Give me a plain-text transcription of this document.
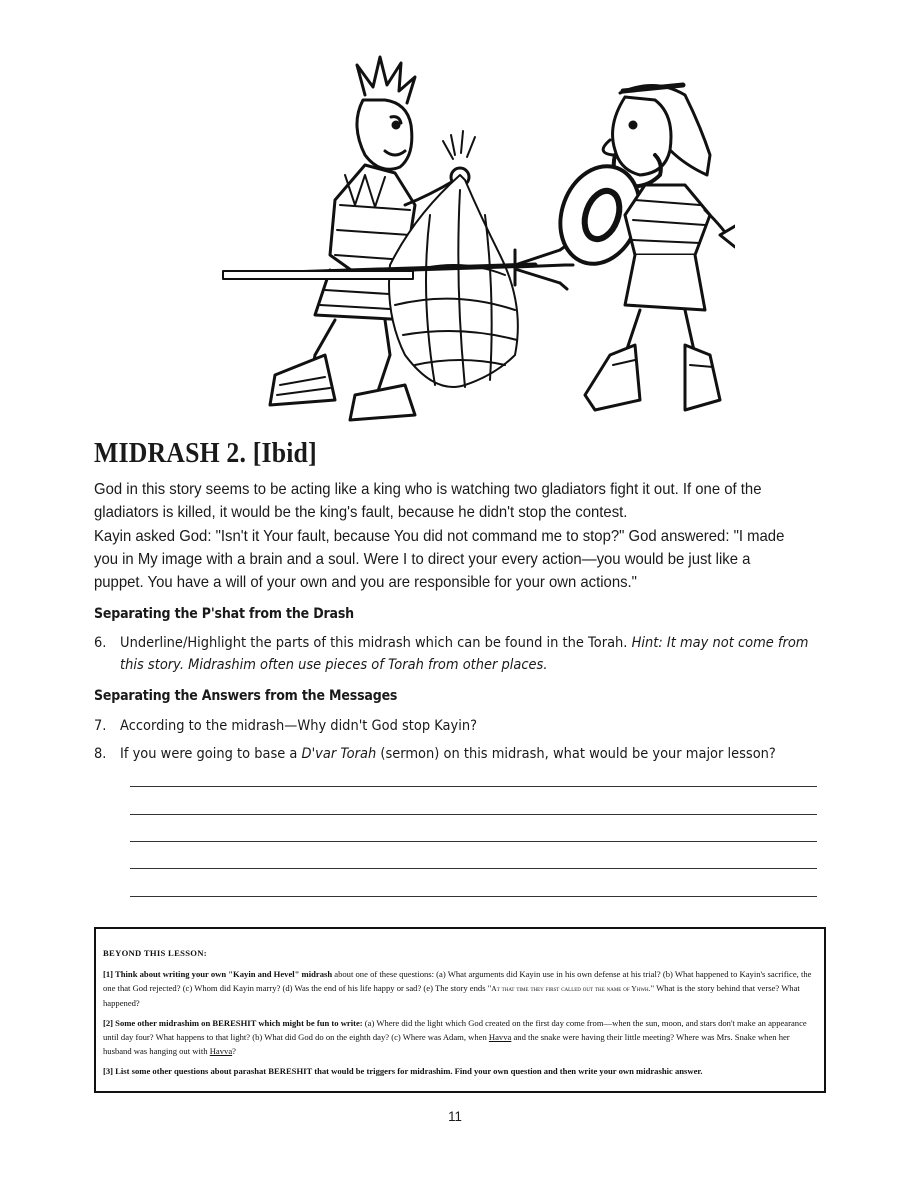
MIDRASH 2. [Ibid]
God in this story seems to be acting like a king who is watching two gladiators fight it out. If one of the gladiators is killed, it would be the king's fault, because he didn't stop the contest.
Kayin asked God: "Isn't it Your fault, because You did not command me to stop?" God answered: "I made you in My image with a brain and a soul. Were I to direct your every action—you would be just like a puppet. You have a will of your own and you are responsible for your own actions."
Separating the P'shat from the Drash
6. Underline/Highlight the parts of this midrash which can be found in the Torah. Hint: It may not come from this story. Midrashim often use pieces of Torah from other places.
Separating the Answers from the Messages
7. According to the midrash—Why didn't God stop Kayin?
8. If you were going to base a D'var Torah (sermon) on this midrash, what would be your major lesson?

BEYOND THIS LESSON:

[1] Think about writing your own "Kayin and Hevel" midrash about one of these questions: (a) What arguments did Kayin use in his own defense at his trial? (b) What happened to Kayin's sacrifice, the one that God rejected? (c) Whom did Kayin marry? (d) Was the end of his life happy or sad? (e) The story ends "At that time they first called out the name of Yhwh." What is the story behind that verse? What happened?

[2] Some other midrashim on BERESHIT which might be fun to write: (a) Where did the light which God created on the first day come from—when the sun, moon, and stars don't make an appearance until day four? What happens to that light? (b) What did God do on the eighth day? (c) Where was Adam, when Havva and the snake were having their little meeting? Where was Mrs. Snake when her husband was hanging out with Havva?

[3] List some other questions about parashat BERESHIT that would be triggers for midrashim. Find your own question and then write your own midrashic answer.

11
